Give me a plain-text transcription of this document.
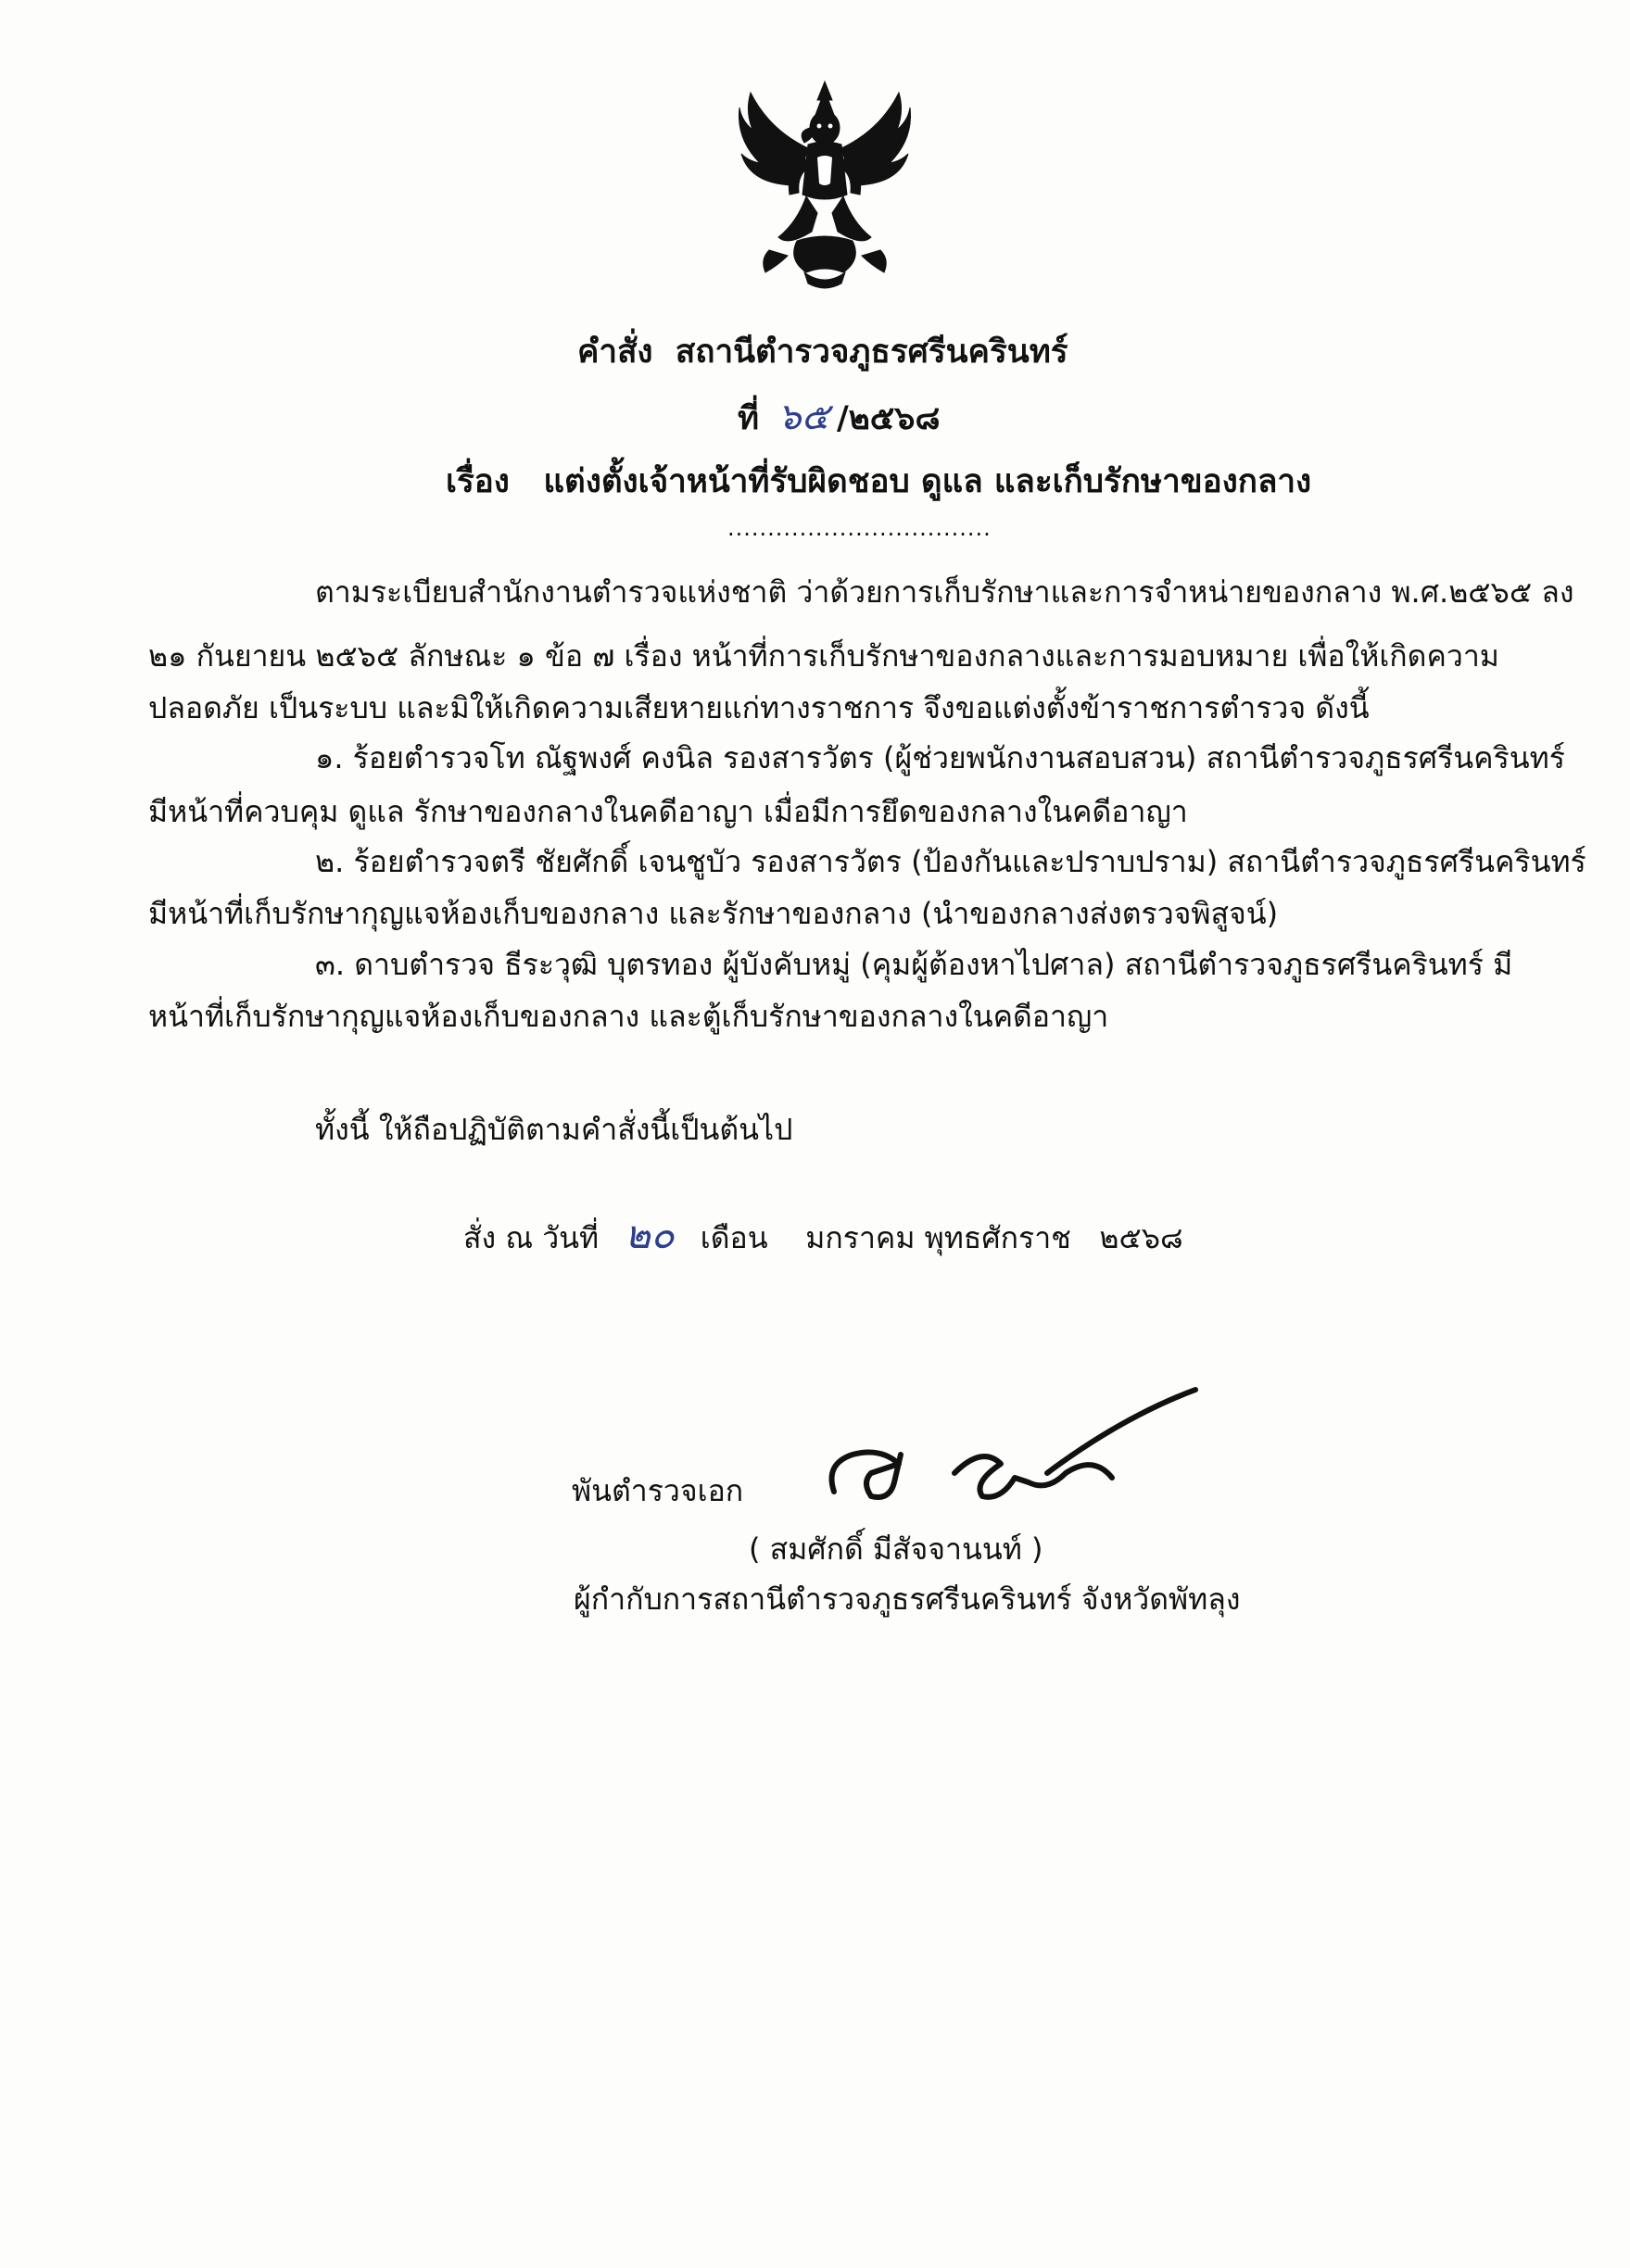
คำสั่ง สถานีตำรวจภูธรศรีนครินทร์
ที่ ๖๕ /๒๕๖๘
เรื่อง แต่งตั้งเจ้าหน้าที่รับผิดชอบ ดูแล และเก็บรักษาของกลาง
.................................
ตามระเบียบสำนักงานตำรวจแห่งชาติ ว่าด้วยการเก็บรักษาและการจำหน่ายของกลาง พ.ศ.๒๕๖๕ ลง
๒๑ กันยายน ๒๕๖๕ ลักษณะ ๑ ข้อ ๗ เรื่อง หน้าที่การเก็บรักษาของกลางและการมอบหมาย เพื่อให้เกิดความ
ปลอดภัย เป็นระบบ และมิให้เกิดความเสียหายแก่ทางราชการ จึงขอแต่งตั้งข้าราชการตำรวจ ดังนี้
๑. ร้อยตำรวจโท ณัฐพงศ์ คงนิล รองสารวัตร (ผู้ช่วยพนักงานสอบสวน) สถานีตำรวจภูธรศรีนครินทร์
มีหน้าที่ควบคุม ดูแล รักษาของกลางในคดีอาญา เมื่อมีการยึดของกลางในคดีอาญา
๒. ร้อยตำรวจตรี ชัยศักดิ์ เจนชูบัว รองสารวัตร (ป้องกันและปราบปราม) สถานีตำรวจภูธรศรีนครินทร์
มีหน้าที่เก็บรักษากุญแจห้องเก็บของกลาง และรักษาของกลาง (นำของกลางส่งตรวจพิสูจน์)
๓. ดาบตำรวจ ธีระวุฒิ บุตรทอง ผู้บังคับหมู่ (คุมผู้ต้องหาไปศาล) สถานีตำรวจภูธรศรีนครินทร์ มี
หน้าที่เก็บรักษากุญแจห้องเก็บของกลาง และตู้เก็บรักษาของกลางในคดีอาญา
ทั้งนี้ ให้ถือปฏิบัติตามคำสั่งนี้เป็นต้นไป
สั่ง ณ วันที่ ๒๐ เดือน มกราคม พุทธศักราช ๒๕๖๘
พันตำรวจเอก
( สมศักดิ์ มีสัจจานนท์ )
ผู้กำกับการสถานีตำรวจภูธรศรีนครินทร์ จังหวัดพัทลุง
